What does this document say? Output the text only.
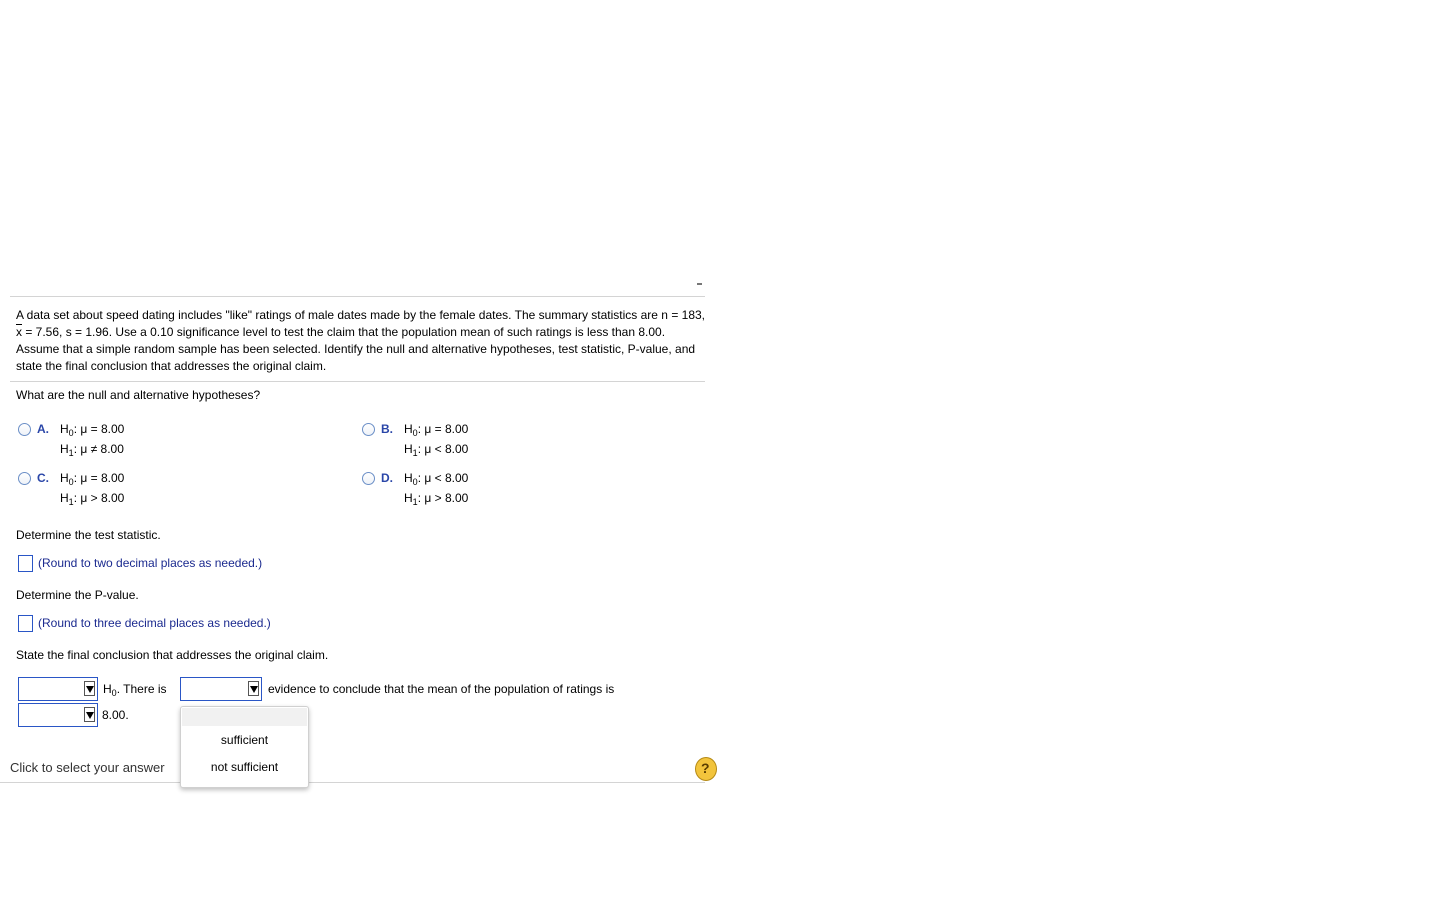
A data set about speed dating includes "like" ratings of male dates made by the female dates. The summary statistics are n = 183, $\overline{x} = 7.56$, s = 1.96. Use a 0.10 significance level to test the claim that the population mean of such ratings is less than 8.00. Assume that a simple random sample has been selected. Identify the null and alternative hypotheses, test statistic, P-value, and state the final conclusion that addresses the original claim.
What are the null and alternative hypotheses?
A. $H_0$: μ = 8.00
$H_1$: μ ≠ 8.00
B. $H_0$: μ = 8.00
$H_1$: μ < 8.00
C. $H_0$: μ = 8.00
$H_1$: μ > 8.00
D. $H_0$: μ < 8.00
$H_1$: μ > 8.00
Determine the test statistic.
(Round to two decimal places as needed.)
Determine the P-value.
(Round to three decimal places as needed.)
State the final conclusion that addresses the original claim.
$H_0$. There is	evidence to conclude that the mean of the population of ratings is
8.00.
Click to select your answer	?
sufficient
not sufficient
